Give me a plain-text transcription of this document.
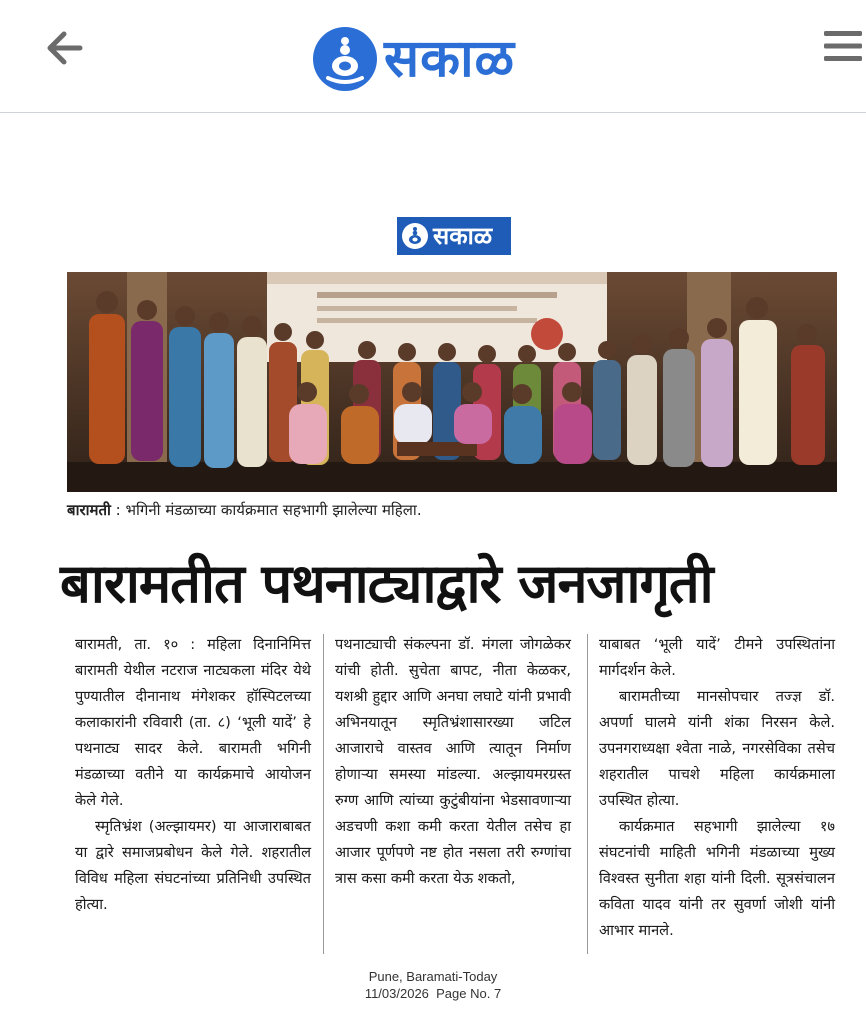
सकाळ
सकाळ
बारामती : भगिनी मंडळाच्या कार्यक्रमात सहभागी झालेल्या महिला.
बारामतीत पथनाट्याद्वारे जनजागृती

बारामती, ता. १० : महिला दिनानिमित्त बारामती येथील नटराज नाट्यकला मंदिर येथे पुण्यातील दीनानाथ मंगेशकर हॉस्पिटलच्या कलाकारांनी रविवारी (ता. ८) ‘भूली यादें’ हे पथनाट्य सादर केले. बारामती भगिनी मंडळाच्या वतीने या कार्यक्रमाचे आयोजन केले गेले.

स्मृतिभ्रंश (अल्झायमर) या आजाराबाबत या द्वारे समाजप्रबोधन केले गेले. शहरातील विविध महिला संघटनांच्या प्रतिनिधी उपस्थित होत्या.

पथनाट्याची संकल्पना डॉ. मंगला जोगळेकर यांची होती. सुचेता बापट, नीता केळकर, यशश्री हुद्दार आणि अनघा लघाटे यांनी प्रभावी अभिनयातून स्मृतिभ्रंशासारख्या जटिल आजाराचे वास्तव आणि त्यातून निर्माण होणाऱ्या समस्या मांडल्या. अल्झायमरग्रस्त रुग्ण आणि त्यांच्या कुटुंबीयांना भेडसावणाऱ्या अडचणी कशा कमी करता येतील तसेच हा आजार पूर्णपणे नष्ट होत नसला तरी रुग्णांचा त्रास कसा कमी करता येऊ शकतो,

याबाबत ‘भूली यादें’ टीमने उपस्थितांना मार्गदर्शन केले.

बारामतीच्या मानसोपचार तज्ज्ञ डॉ. अपर्णा घालमे यांनी शंका निरसन केले. उपनगराध्यक्षा श्वेता नाळे, नगरसेविका तसेच शहरातील पाचशे महिला कार्यक्रमाला उपस्थित होत्या.

कार्यक्रमात सहभागी झालेल्या १७ संघटनांची माहिती भगिनी मंडळाच्या मुख्य विश्वस्त सुनीता शहा यांनी दिली. सूत्रसंचालन कविता यादव यांनी तर सुवर्णा जोशी यांनी आभार मानले.

Pune, Baramati-Today
11/03/2026  Page No. 7
